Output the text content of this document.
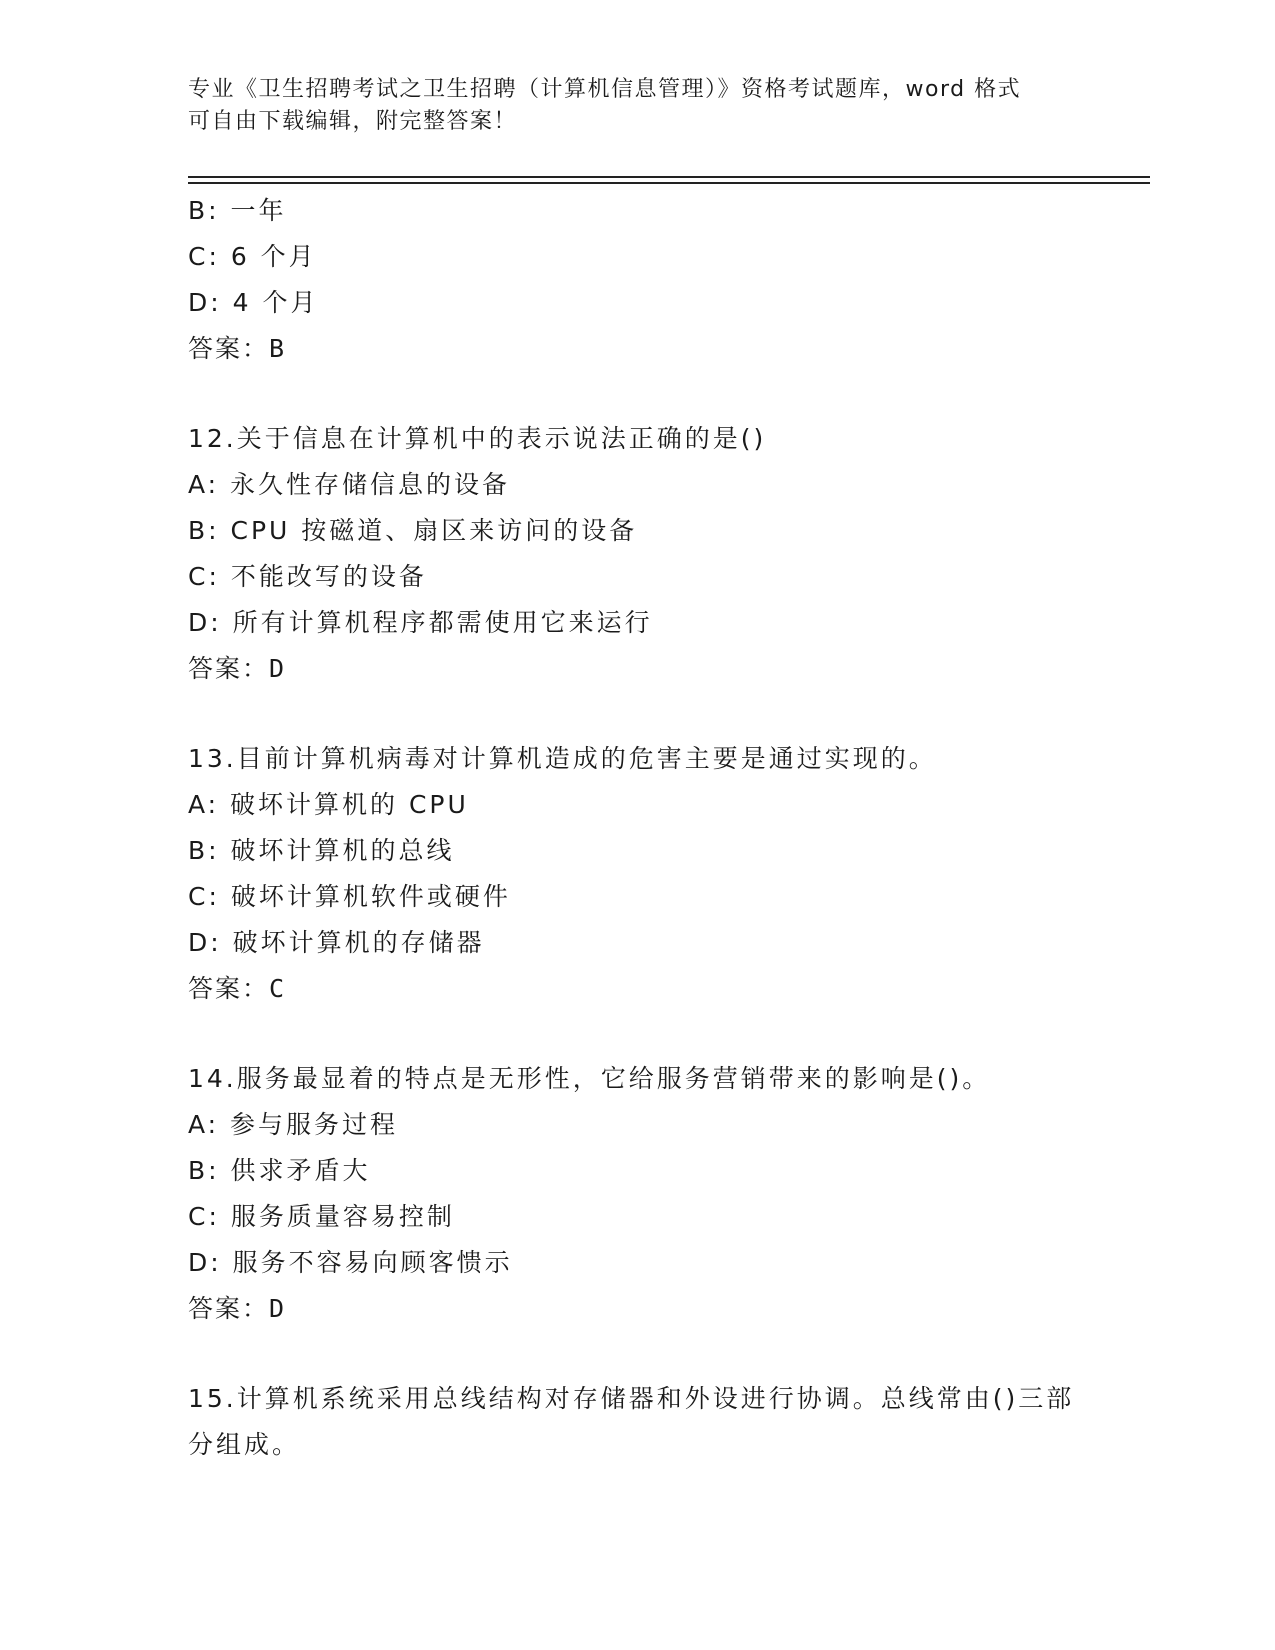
专业《卫生招聘考试之卫生招聘（计算机信息管理）》资格考试题库，word 格式
可自由下载编辑，附完整答案！
B: 一年
C: 6 个月
D: 4 个月
答案：B
12.关于信息在计算机中的表示说法正确的是()
A: 永久性存储信息的设备
B: CPU 按磁道、扇区来访问的设备
C: 不能改写的设备
D: 所有计算机程序都需使用它来运行
答案：D
13.目前计算机病毒对计算机造成的危害主要是通过实现的。
A: 破坏计算机的 CPU
B: 破坏计算机的总线
C: 破坏计算机软件或硬件
D: 破坏计算机的存储器
答案：C
14.服务最显着的特点是无形性，它给服务营销带来的影响是()。
A: 参与服务过程
B: 供求矛盾大
C: 服务质量容易控制
D: 服务不容易向顾客愦示
答案：D
15.计算机系统采用总线结构对存储器和外设进行协调。总线常由()三部分组成。
